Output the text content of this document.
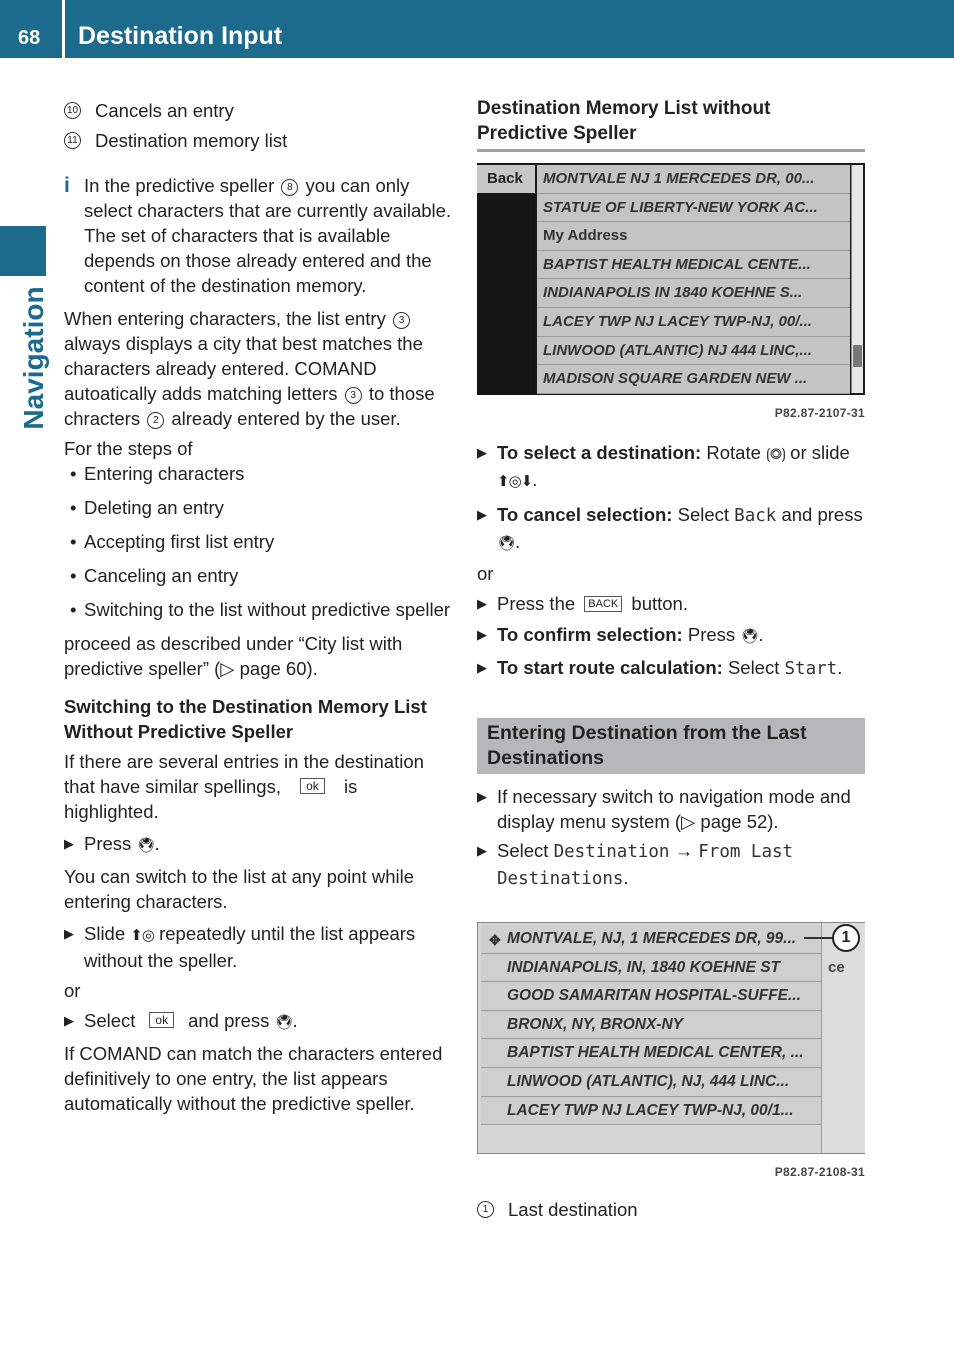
68 Destination Input
Navigation
10 Cancels an entry
11 Destination memory list
i In the predictive speller 8 you can only select characters that are currently available. The set of characters that is available depends on those already entered and the content of the destination memory.

When entering characters, the list entry 3 always displays a city that best matches the characters already entered. COMAND autoatically adds matching letters 3 to those chracters 2 already entered by the user.

For the steps of

• Entering characters
• Deleting an entry
• Accepting first list entry
• Canceling an entry
• Switching to the list without predictive speller

proceed as described under “City list with predictive speller” (▷ page 60).

Switching to the Destination Memory List Without Predictive Speller

If there are several entries in the destination that have similar spellings, ok is highlighted.

▶ Press 🖲.

You can switch to the list at any point while entering characters.

▶ Slide ⬆◎ repeatedly until the list appears without the speller.

or

▶ Select ok and press 🖲.

If COMAND can match the characters entered definitively to one entry, the list appears automatically without the predictive speller.

Destination Memory List without Predictive Speller
Back	MONTVALE NJ 1 MERCEDES DR, 00...
STATUE OF LIBERTY-NEW YORK AC...
My Address
BAPTIST HEALTH MEDICAL CENTE...
INDIANAPOLIS IN 1840 KOEHNE S...
LACEY TWP NJ LACEY TWP-NJ, 00/...
LINWOOD (ATLANTIC) NJ 444 LINC,...
MADISON SQUARE GARDEN NEW ...
P82.87-2107-31
▶ To select a destination: Rotate ⟮◎⟯ or slide ⬆◎⬇.
▶ To cancel selection: Select Back and press 🖲.

or

▶ Press the BACK button.
▶ To confirm selection: Press 🖲.
▶ To start route calculation: Select Start.
Entering Destination from the Last Destinations
▶ If necessary switch to navigation mode and display menu system (▷ page 52).
▶ Select Destination → From Last Destinations.
✥ MONTVALE, NJ, 1 MERCEDES DR, 99...
INDIANAPOLIS, IN, 1840 KOEHNE ST
GOOD SAMARITAN HOSPITAL-SUFFE...
BRONX, NY, BRONX-NY
BAPTIST HEALTH MEDICAL CENTER, ...
LINWOOD (ATLANTIC), NJ, 444 LINC...
LACEY TWP NJ LACEY TWP-NJ, 00/1...
ce
1
P82.87-2108-31
1	Last destination
